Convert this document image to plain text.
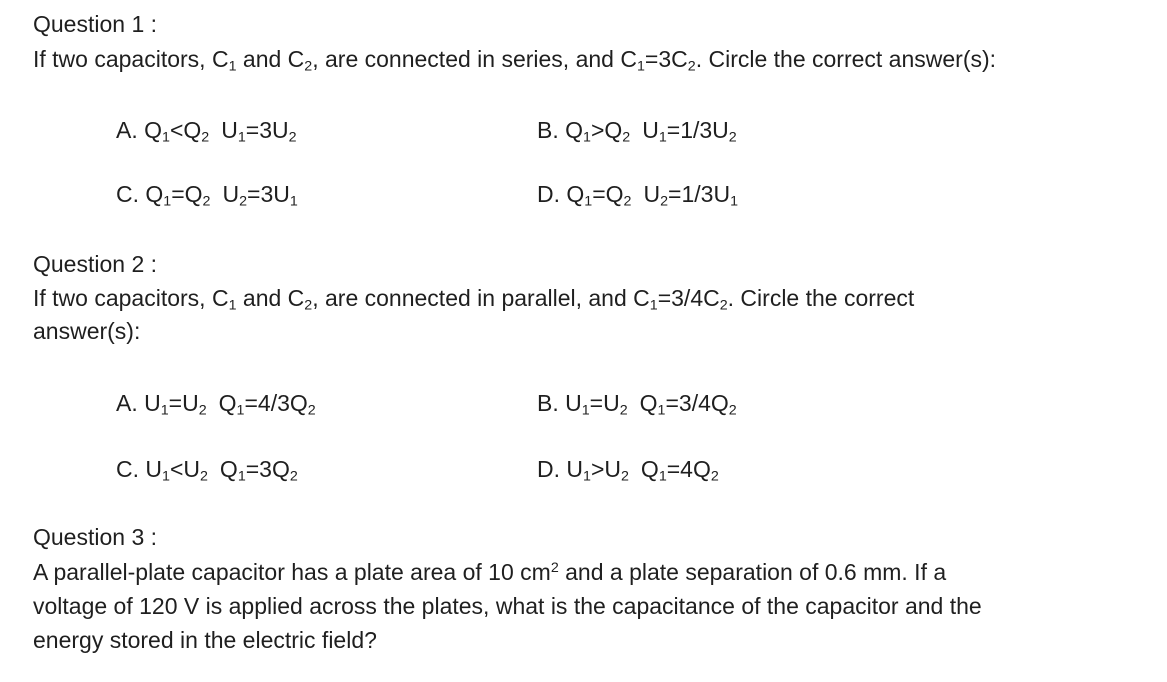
Question 1 :
If two capacitors, $C_1$ and $C_2$, are connected in series, and $C_1=3C_2$. Circle the correct answer(s):
A. $Q_1<Q_2$ $U_1=3U_2$	B. $Q_1>Q_2$ $U_1=1/3U_2$
C. $Q_1=Q_2$ $U_2=3U_1$	D. $Q_1=Q_2$ $U_2=1/3U_1$
Question 2 :
If two capacitors, $C_1$ and $C_2$, are connected in parallel, and $C_1=3/4C_2$. Circle the correct
answer(s):
A. $U_1=U_2$ $Q_1=4/3Q_2$	B. $U_1=U_2$ $Q_1=3/4Q_2$
C. $U_1<U_2$ $Q_1=3Q_2$	D. $U_1>U_2$ $Q_1=4Q_2$
Question 3 :
A parallel-plate capacitor has a plate area of 10 $cm^2$ and a plate separation of 0.6 mm. If a
voltage of 120 V is applied across the plates, what is the capacitance of the capacitor and the
energy stored in the electric field?
